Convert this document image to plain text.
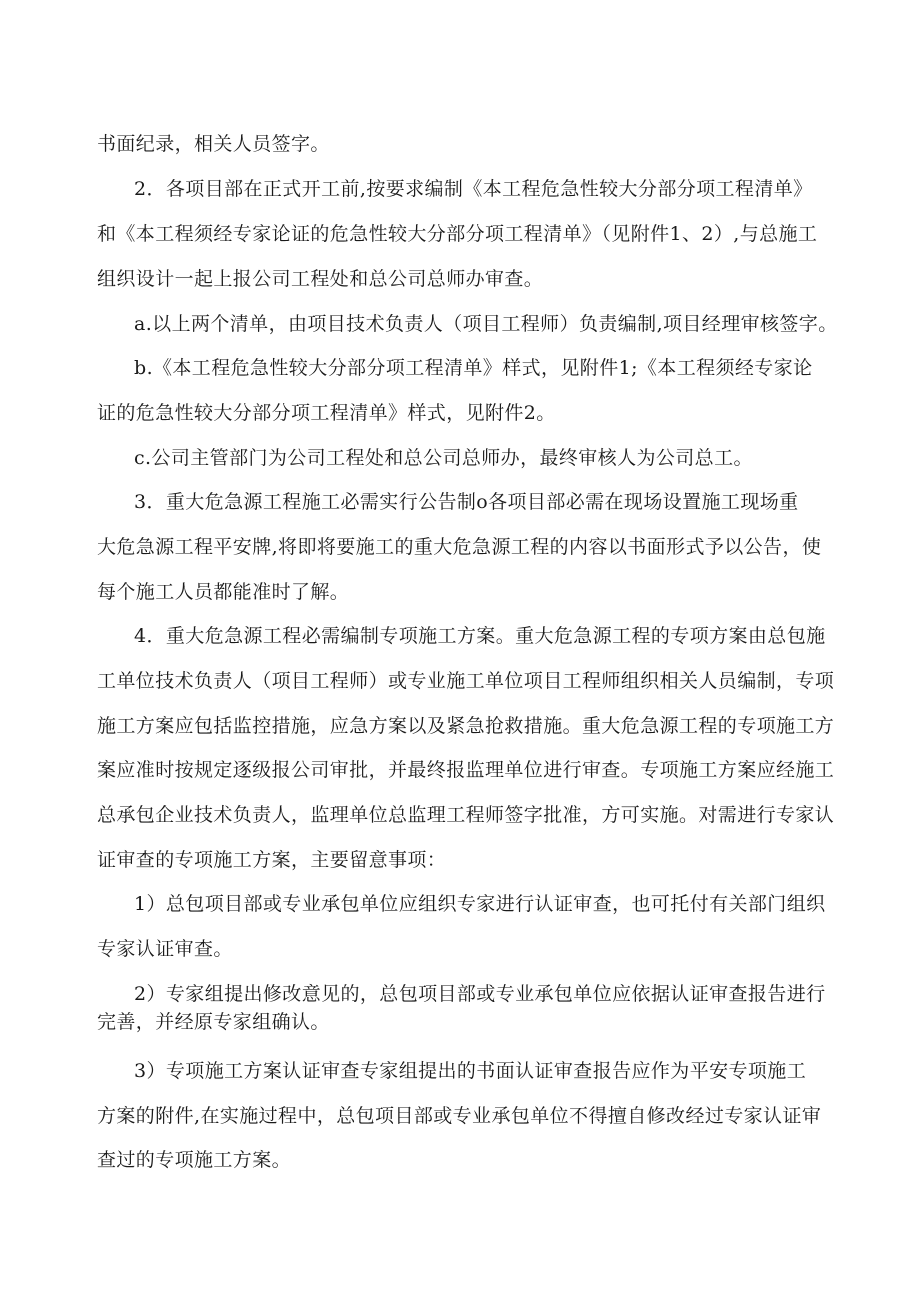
书面纪录，相关人员签字。
2．各项目部在正式开工前,按要求编制《本工程危急性较大分部分项工程清单》
和《本工程须经专家论证的危急性较大分部分项工程清单》（见附件1、2）,与总施工
组织设计一起上报公司工程处和总公司总师办审查。
a.以上两个清单，由项目技术负责人（项目工程师）负责编制,项目经理审核签字。
b.《本工程危急性较大分部分项工程清单》样式，见附件1;《本工程须经专家论
证的危急性较大分部分项工程清单》样式，见附件2。
c.公司主管部门为公司工程处和总公司总师办，最终审核人为公司总工。
3．重大危急源工程施工必需实行公告制o各项目部必需在现场设置施工现场重
大危急源工程平安牌,将即将要施工的重大危急源工程的内容以书面形式予以公告，使
每个施工人员都能准时了解。
4．重大危急源工程必需编制专项施工方案。重大危急源工程的专项方案由总包施
工单位技术负责人（项目工程师）或专业施工单位项目工程师组织相关人员编制，专项
施工方案应包括监控措施，应急方案以及紧急抢救措施。重大危急源工程的专项施工方
案应准时按规定逐级报公司审批，并最终报监理单位进行审查。专项施工方案应经施工
总承包企业技术负责人，监理单位总监理工程师签字批准，方可实施。对需进行专家认
证审查的专项施工方案，主要留意事项：
1）总包项目部或专业承包单位应组织专家进行认证审查，也可托付有关部门组织
专家认证审查。
2）专家组提出修改意见的，总包项目部或专业承包单位应依据认证审查报告进行
完善，并经原专家组确认。
3）专项施工方案认证审查专家组提出的书面认证审查报告应作为平安专项施工
方案的附件,在实施过程中，总包项目部或专业承包单位不得擅自修改经过专家认证审
查过的专项施工方案。
